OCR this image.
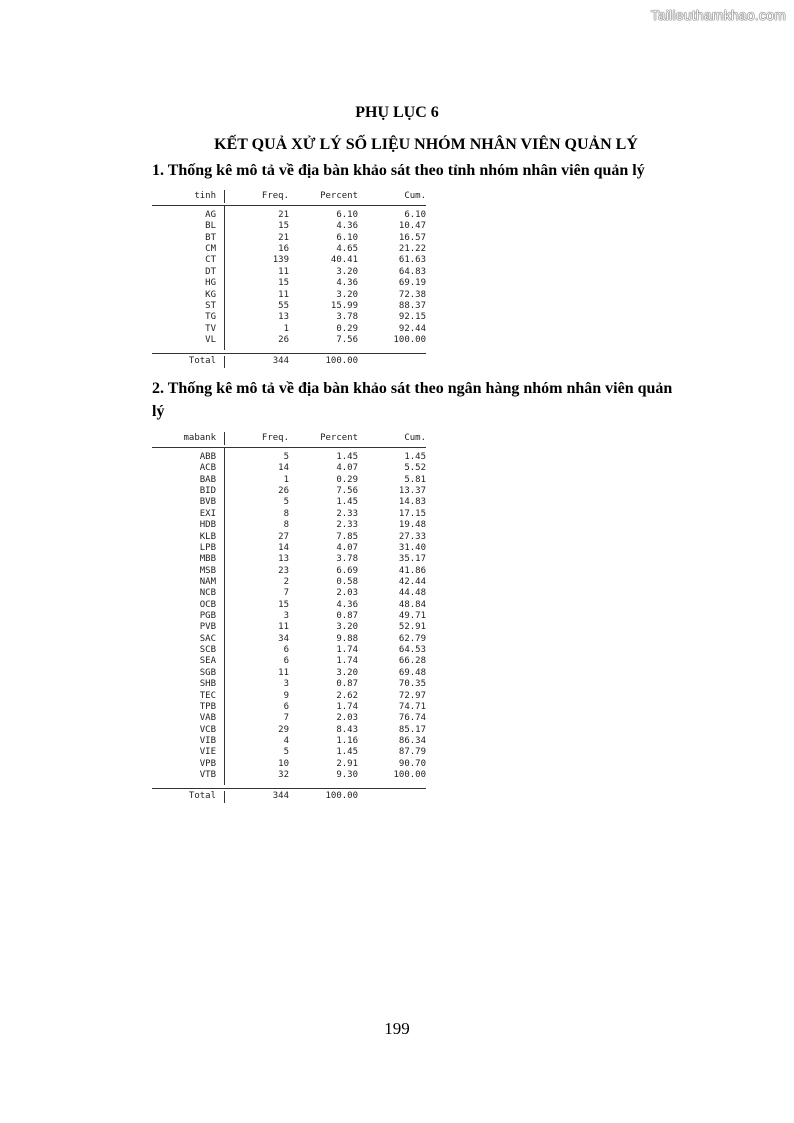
Tailieuthamkhao.com
PHỤ LỤC 6
KẾT QUẢ XỬ LÝ SỐ LIỆU NHÓM NHÂN VIÊN QUẢN LÝ
1. Thống kê mô tả về địa bàn khảo sát theo tỉnh nhóm nhân viên quản lý
tinh	Freq.	Percent	Cum.
AG	21	6.10	6.10
BL	15	4.36	10.47
BT	21	6.10	16.57
CM	16	4.65	21.22
CT	139	40.41	61.63
DT	11	3.20	64.83
HG	15	4.36	69.19
KG	11	3.20	72.38
ST	55	15.99	88.37
TG	13	3.78	92.15
TV	1	0.29	92.44
VL	26	7.56	100.00
Total	344	100.00
2. Thống kê mô tả về địa bàn khảo sát theo ngân hàng nhóm nhân viên quản lý
mabank	Freq.	Percent	Cum.
ABB	5	1.45	1.45
ACB	14	4.07	5.52
BAB	1	0.29	5.81
BID	26	7.56	13.37
BVB	5	1.45	14.83
EXI	8	2.33	17.15
HDB	8	2.33	19.48
KLB	27	7.85	27.33
LPB	14	4.07	31.40
MBB	13	3.78	35.17
MSB	23	6.69	41.86
NAM	2	0.58	42.44
NCB	7	2.03	44.48
OCB	15	4.36	48.84
PGB	3	0.87	49.71
PVB	11	3.20	52.91
SAC	34	9.88	62.79
SCB	6	1.74	64.53
SEA	6	1.74	66.28
SGB	11	3.20	69.48
SHB	3	0.87	70.35
TEC	9	2.62	72.97
TPB	6	1.74	74.71
VAB	7	2.03	76.74
VCB	29	8.43	85.17
VIB	4	1.16	86.34
VIE	5	1.45	87.79
VPB	10	2.91	90.70
VTB	32	9.30	100.00
Total	344	100.00
199
